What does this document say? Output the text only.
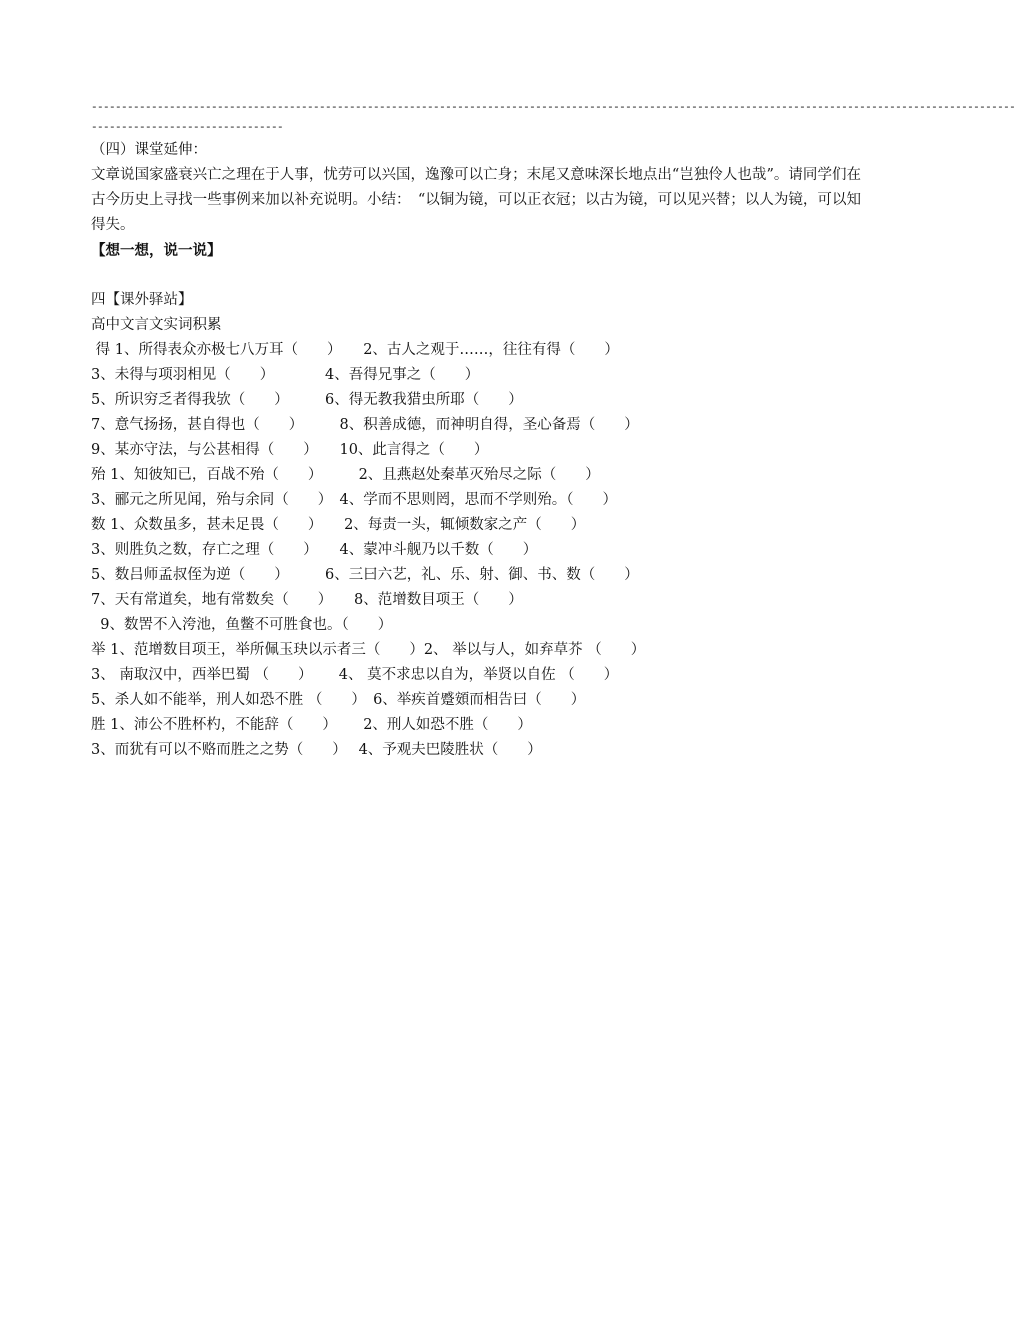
----------------------------------------------------------------------------------------------------------------------------------------------------------
--------------------------------
（四）课堂延伸：
文章说国家盛衰兴亡之理在于人事，忧劳可以兴国，逸豫可以亡身；末尾又意味深长地点出“岂独伶人也哉”。请同学们在古今历史上寻找一些事例来加以补充说明。小结：　“以铜为镜，可以正衣冠；以古为镜，可以见兴替；以人为镜，可以知得失。
【想一想，说一说】
四【课外驿站】
高中文言文实词积累
得 1、所得表众亦极七八万耳（　　）　　2、古人之观于……，往往有得（　　）
3、未得与项羽相见（　　）　　　　4、吾得兄事之（　　）
5、所识穷乏者得我欤（　　）　　　6、得无教我猎虫所耶（　　）
7、意气扬扬，甚自得也（　　）　　　8、积善成德，而神明自得，圣心备焉（　　）
9、某亦守法，与公甚相得（　　）　　10、此言得之（　　）
殆 1、知彼知已，百战不殆（　　）　　　2、且燕赵处秦革灭殆尽之际（　　）
3、郦元之所见闻，殆与余同（　　）　4、学而不思则罔，思而不学则殆。（　　）
数 1、众数虽多，甚未足畏（　　）　　2、每责一头，辄倾数家之产（　　）
3、则胜负之数，存亡之理（　　）　　4、蒙冲斗舰乃以千数（　　）
5、数吕师孟叔侄为逆（　　）　　　6、三曰六艺，礼、乐、射、御、书、数（　　）
7、天有常道矣，地有常数矣（　　）　　8、范增数目项王（　　）
9、数罟不入洿池，鱼鳖不可胜食也。（　　）
举 1、范增数目项王，举所佩玉玦以示者三（　　）2、 举以与人，如弃草芥 （　　）
3、 南取汉中，西举巴蜀 （　　）　　 4、 莫不求忠以自为，举贤以自佐 （　　）
5、杀人如不能举，刑人如恐不胜 （　　）　6、举疾首蹙頞而相告曰（　　）
胜 1、沛公不胜杯杓，不能辞（　　）　　 2、刑人如恐不胜（　　）
3、而犹有可以不赂而胜之之势（　　）　 4、予观夫巴陵胜状（　　）
